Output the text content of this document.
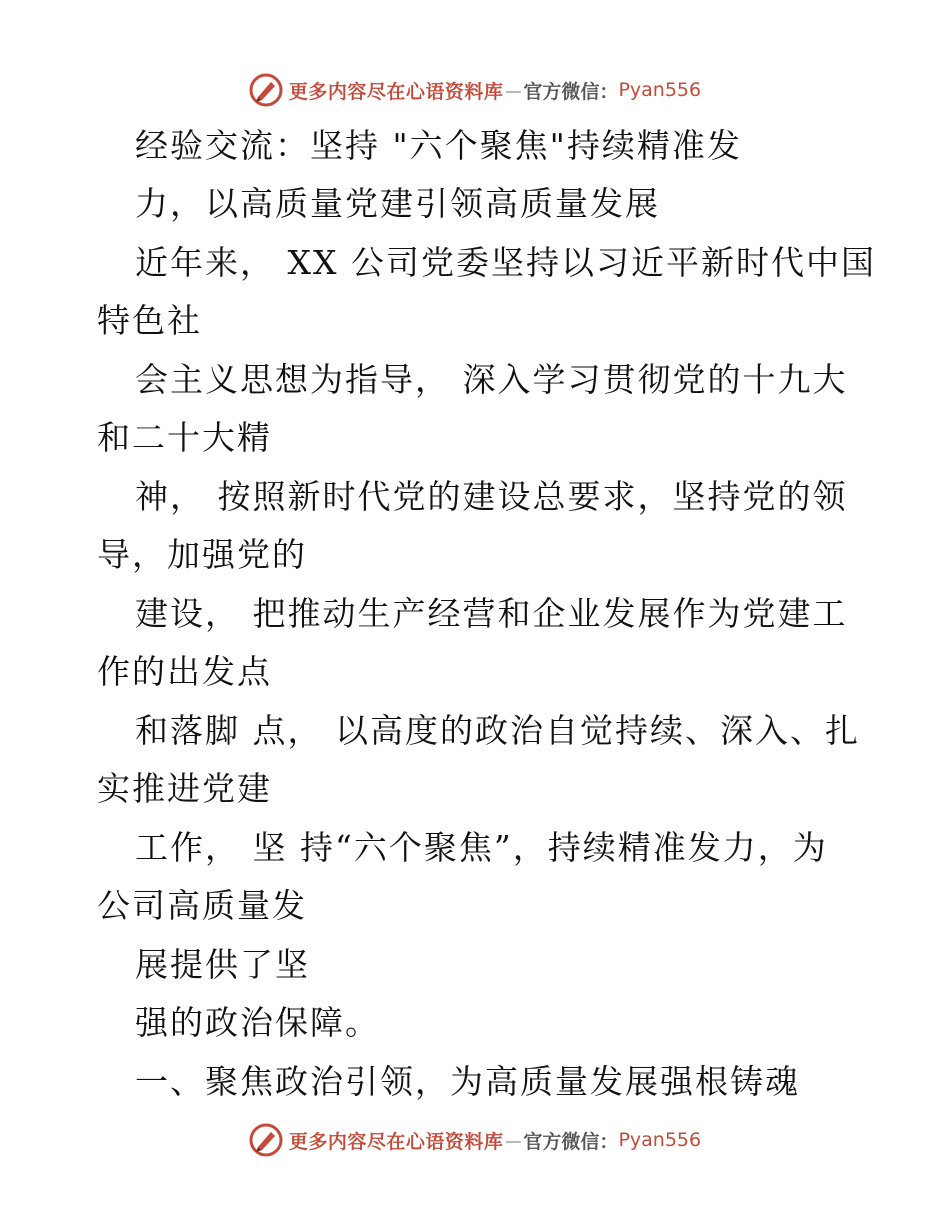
更多内容尽在心语资料库 — 官方微信： Pyan556
经验交流：坚持 "六个聚焦"持续精准发
力，以高质量党建引领高质量发展
近年来， XX 公司党委坚持以习近平新时代中国
特色社
会主义思想为指导， 深入学习贯彻党的十九大
和二十大精
神， 按照新时代党的建设总要求，坚持党的领
导，加强党的
建设， 把推动生产经营和企业发展作为党建工
作的出发点
和落脚 点， 以高度的政治自觉持续、深入、扎
实推进党建
工作， 坚 持“六个聚焦”，持续精准发力，为
公司高质量发
展提供了坚
强的政治保障。
一、聚焦政治引领，为高质量发展强根铸魂
更多内容尽在心语资料库 — 官方微信： Pyan556
